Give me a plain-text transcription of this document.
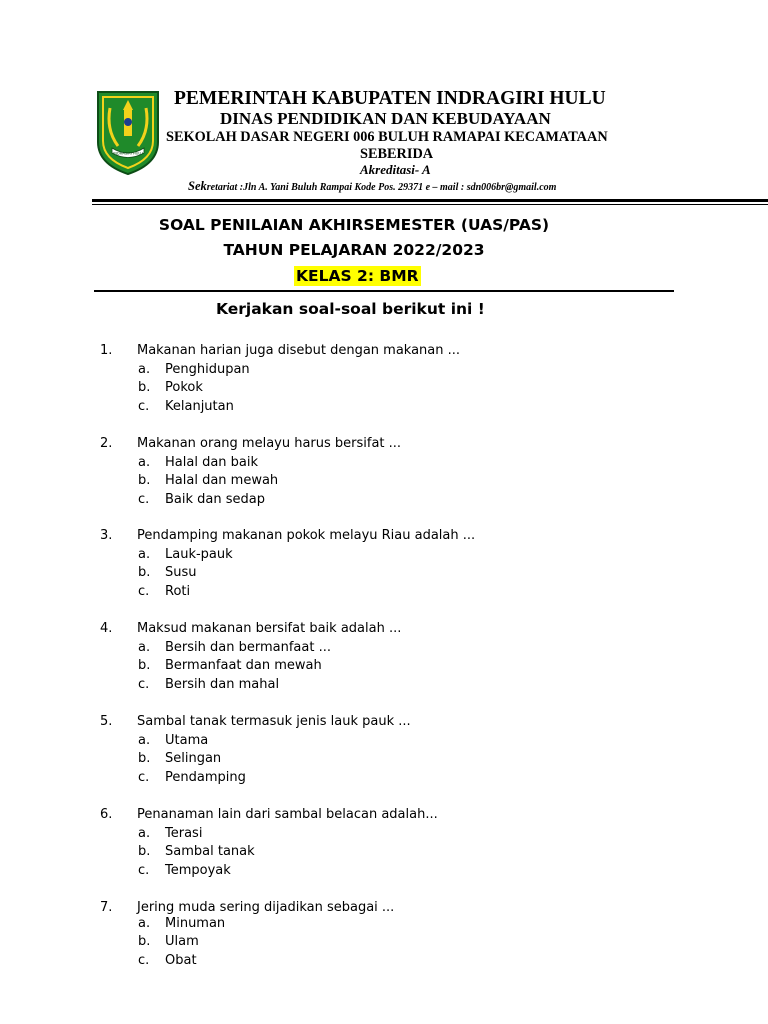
INDRAGIRI HULU
PEMERINTAH KABUPATEN INDRAGIRI HULU
DINAS PENDIDIKAN DAN KEBUDAYAAN
SEKOLAH DASAR NEGERI 006 BULUH RAMAPAI KECAMATAAN
SEBERIDA
Akreditasi- A
Sekretariat :Jln A. Yani Buluh Rampai Kode Pos. 29371 e – mail : sdn006br@gmail.com
SOAL PENILAIAN AKHIRSEMESTER (UAS/PAS)
TAHUN PELAJARAN 2022/2023
KELAS 2: BMR
Kerjakan soal-soal berikut ini !
1. Makanan harian juga disebut dengan makanan ...
a. Penghidupan
b. Pokok
c. Kelanjutan
2. Makanan orang melayu harus bersifat ...
a. Halal dan baik
b. Halal dan mewah
c. Baik dan sedap
3. Pendamping makanan pokok melayu Riau adalah ...
a. Lauk-pauk
b. Susu
c. Roti
4. Maksud makanan bersifat baik adalah ...
a. Bersih dan bermanfaat ...
b. Bermanfaat dan mewah
c. Bersih dan mahal
5. Sambal tanak termasuk jenis lauk pauk ...
a. Utama
b. Selingan
c. Pendamping
6. Penanaman lain dari sambal belacan adalah...
a. Terasi
b. Sambal tanak
c. Tempoyak
7. Jering muda sering dijadikan sebagai ...
a. Minuman
b. Ulam
c. Obat
